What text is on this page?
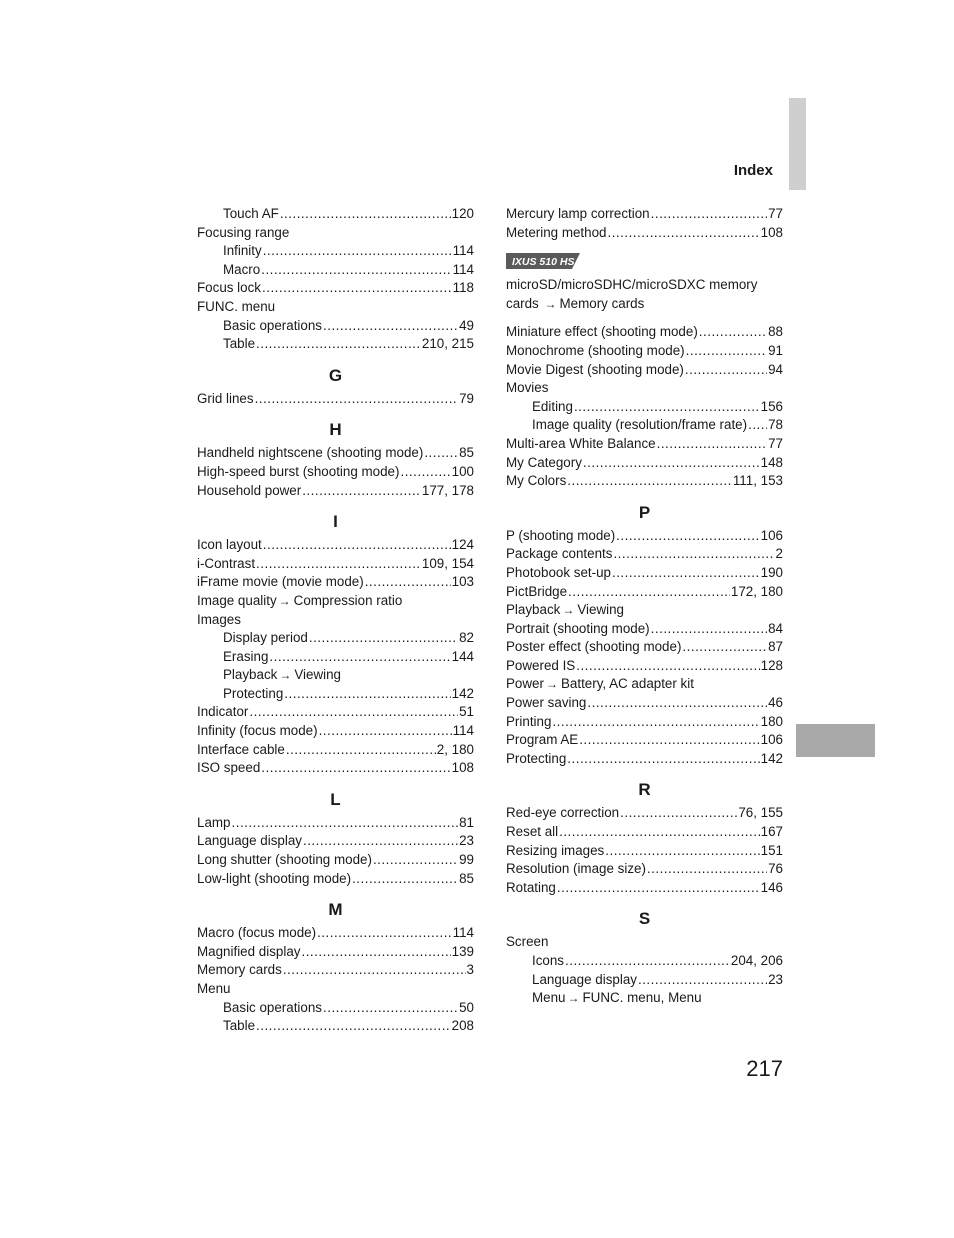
Index
Touch AF .....	120
Focusing range
Infinity .....	114
Macro .....	114
Focus lock .....	118
FUNC. menu
Basic operations .....	49
Table .....	210, 215
G
Grid lines .....	79
H
Handheld nightscene (shooting mode) .....	85
High-speed burst (shooting mode) .....	100
Household power .....	177, 178
I
Icon layout .....	124
i-Contrast .....	109, 154
iFrame movie (movie mode) .....	103
Image quality → Compression ratio
Images
Display period .....	82
Erasing .....	144
Playback → Viewing
Protecting .....	142
Indicator .....	51
Infinity (focus mode) .....	114
Interface cable .....	2, 180
ISO speed .....	108
L
Lamp .....	81
Language display .....	23
Long shutter (shooting mode) .....	99
Low-light (shooting mode) .....	85
M
Macro (focus mode) .....	114
Magnified display .....	139
Memory cards .....	3
Menu
Basic operations .....	50
Table .....	208
Mercury lamp correction .....	77
Metering method .....	108
IXUS 510 HS
microSD/microSDHC/microSDXC memory cards → Memory cards
Miniature effect (shooting mode) .....	88
Monochrome (shooting mode) .....	91
Movie Digest (shooting mode) .....	94
Movies
Editing .....	156
Image quality (resolution/frame rate) ..... 78
Multi-area White Balance .....	77
My Category .....	148
My Colors .....	111, 153
P
P (shooting mode) .....	106
Package contents .....	2
Photobook set-up .....	190
PictBridge .....	172, 180
Playback → Viewing
Portrait (shooting mode) .....	84
Poster effect (shooting mode) .....	87
Powered IS .....	128
Power → Battery, AC adapter kit
Power saving .....	46
Printing .....	180
Program AE .....	106
Protecting .....	142
R
Red-eye correction .....	76, 155
Reset all .....	167
Resizing images .....	151
Resolution (image size) .....	76
Rotating .....	146
S
Screen
Icons .....	204, 206
Language display .....	23
Menu → FUNC. menu, Menu
217
